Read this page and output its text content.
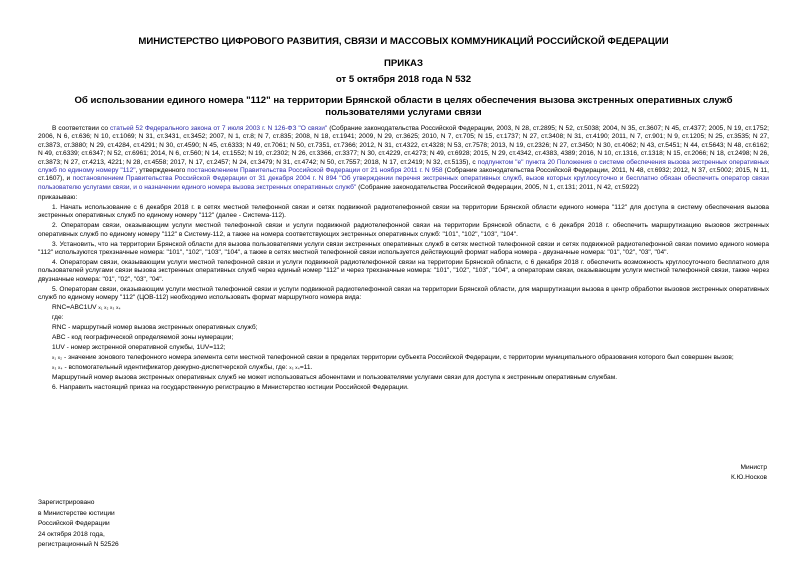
МИНИСТЕРСТВО ЦИФРОВОГО РАЗВИТИЯ, СВЯЗИ И МАССОВЫХ КОММУНИКАЦИЙ РОССИЙСКОЙ ФЕДЕРАЦИИ
ПРИКАЗ
от 5 октября 2018 года N 532
Об использовании единого номера "112" на территории Брянской области в целях обеспечения вызова экстренных оперативных служб пользователями услугами связи

В соответствии со статьей 52 Федерального закона от 7 июля 2003 г. N 126-ФЗ "О связи" (Собрание законодательства Российской Федерации, 2003, N 28, ст.2895; N 52, ст.5038; 2004, N 35, ст.3607; N 45, ст.4377; 2005, N 19, ст.1752; 2006, N 6, ст.636; N 10, ст.1069; N 31, ст.3431, ст.3452; 2007, N 1, ст.8; N 7, ст.835; 2008, N 18, ст.1941; 2009, N 29, ст.3625; 2010, N 7, ст.705; N 15, ст.1737; N 27, ст.3408; N 31, ст.4190; 2011, N 7, ст.901; N 9, ст.1205; N 25, ст.3535; N 27, ст.3873, ст.3880; N 29, ст.4284, ст.4291; N 30, ст.4590; N 45, ст.6333; N 49, ст.7061; N 50, ст.7351, ст.7366; 2012, N 31, ст.4322, ст.4328; N 53, ст.7578; 2013, N 19, ст.2326; N 27, ст.3450; N 30, ст.4062; N 43, ст.5451; N 44, ст.5643; N 48, ст.6162; N 49, ст.6339; ст.6347; N 52, ст.6961; 2014, N 6, ст.560; N 14, ст.1552; N 19, ст.2302; N 26, ст.3366, ст.3377; N 30, ст.4229, ст.4273; N 49, ст.6928; 2015, N 29, ст.4342, ст.4383, 4389; 2016, N 10, ст.1316, ст.1318; N 15, ст.2066; N 18, ст.2498; N 26, ст.3873; N 27, ст.4213, 4221; N 28, ст.4558; 2017, N 17, ст.2457; N 24, ст.3479; N 31, ст.4742; N 50, ст.7557; 2018, N 17, ст.2419; N 32, ст.5135), с подпунктом "е" пункта 20 Положения о системе обеспечения вызова экстренных оперативных служб по единому номеру "112", утвержденного постановлением Правительства Российской Федерации от 21 ноября 2011 г. N 958 (Собрание законодательства Российской Федерации, 2011, N 48, ст.6932; 2012, N 37, ст.5002; 2015, N 11, ст.1607), и постановлением Правительства Российской Федерации от 31 декабря 2004 г. N 894 "Об утверждении перечня экстренных оперативных служб, вызов которых круглосуточно и бесплатно обязан обеспечить оператор связи пользователю услугами связи, и о назначении единого номера вызова экстренных оперативных служб" (Собрание законодательства Российской Федерации, 2005, N 1, ст.131; 2011, N 42, ст.5922)

приказываю:

1. Начать использование с 6 декабря 2018 г. в сетях местной телефонной связи и сетях подвижной радиотелефонной связи на территории Брянской области единого номера "112" для доступа в систему обеспечения вызова экстренных оперативных служб по единому номеру "112" (далее - Система-112).

2. Операторам связи, оказывающим услуги местной телефонной связи и услуги подвижной радиотелефонной связи на территории Брянской области, с 6 декабря 2018 г. обеспечить маршрутизацию вызовов экстренных оперативных служб по единому номеру "112" в Систему-112, а также на номера соответствующих экстренных оперативных служб: "101", "102", "103", "104".

3. Установить, что на территории Брянской области для вызова пользователями услуги связи экстренных оперативных служб в сетях местной телефонной связи и сетях подвижной радиотелефонной связи помимо единого номера "112" используются трехзначные номера: "101", "102", "103", "104", а также в сетях местной телефонной связи используется действующий формат набора номера - двузначные номера: "01", "02", "03", "04".

4. Операторам связи, оказывающим услуги местной телефонной связи и услуги подвижной радиотелефонной связи на территории Брянской области, с 6 декабря 2018 г. обеспечить возможность круглосуточного бесплатного для пользователей услугами связи вызова экстренных оперативных служб через единый номер "112" и через трехзначные номера: "101", "102", "103", "104", а операторам связи, оказывающим услуги местной телефонной связи, также через двузначные номера: "01", "02", "03", "04".

5. Операторам связи, оказывающим услуги местной телефонной связи и услуги подвижной радиотелефонной связи на территории Брянской области, для маршрутизации вызова в центр обработки вызовов экстренных оперативных служб по единому номеру "112" (ЦОВ-112) необходимо использовать формат маршрутного номера вида:

RNC=ABC1UV x₁ x₂ x₃ x₄

где:

RNC - маршрутный номер вызова экстренных оперативных служб;

ABC - код географической определяемой зоны нумерации;

1UV - номер экстренной оперативной службы, 1UV=112;

x₁ x₂ - значение зонового телефонного номера элемента сети местной телефонной связи в пределах территории субъекта Российской Федерации, с территории муниципального образования которого был совершен вызов;

x₃ x₄ - вспомогательный идентификатор дежурно-диспетчерской службы, где: x₃ x₄=11.

Маршрутный номер вызова экстренных оперативных служб не может использоваться абонентами и пользователями услугами связи для доступа к экстренным оперативным службам.

6. Направить настоящий приказ на государственную регистрацию в Министерство юстиции Российской Федерации.

Министр
К.Ю.Носков
Зарегистрировано
в Министерстве юстиции
Российской Федерации
24 октября 2018 года,
регистрационный N 52526
